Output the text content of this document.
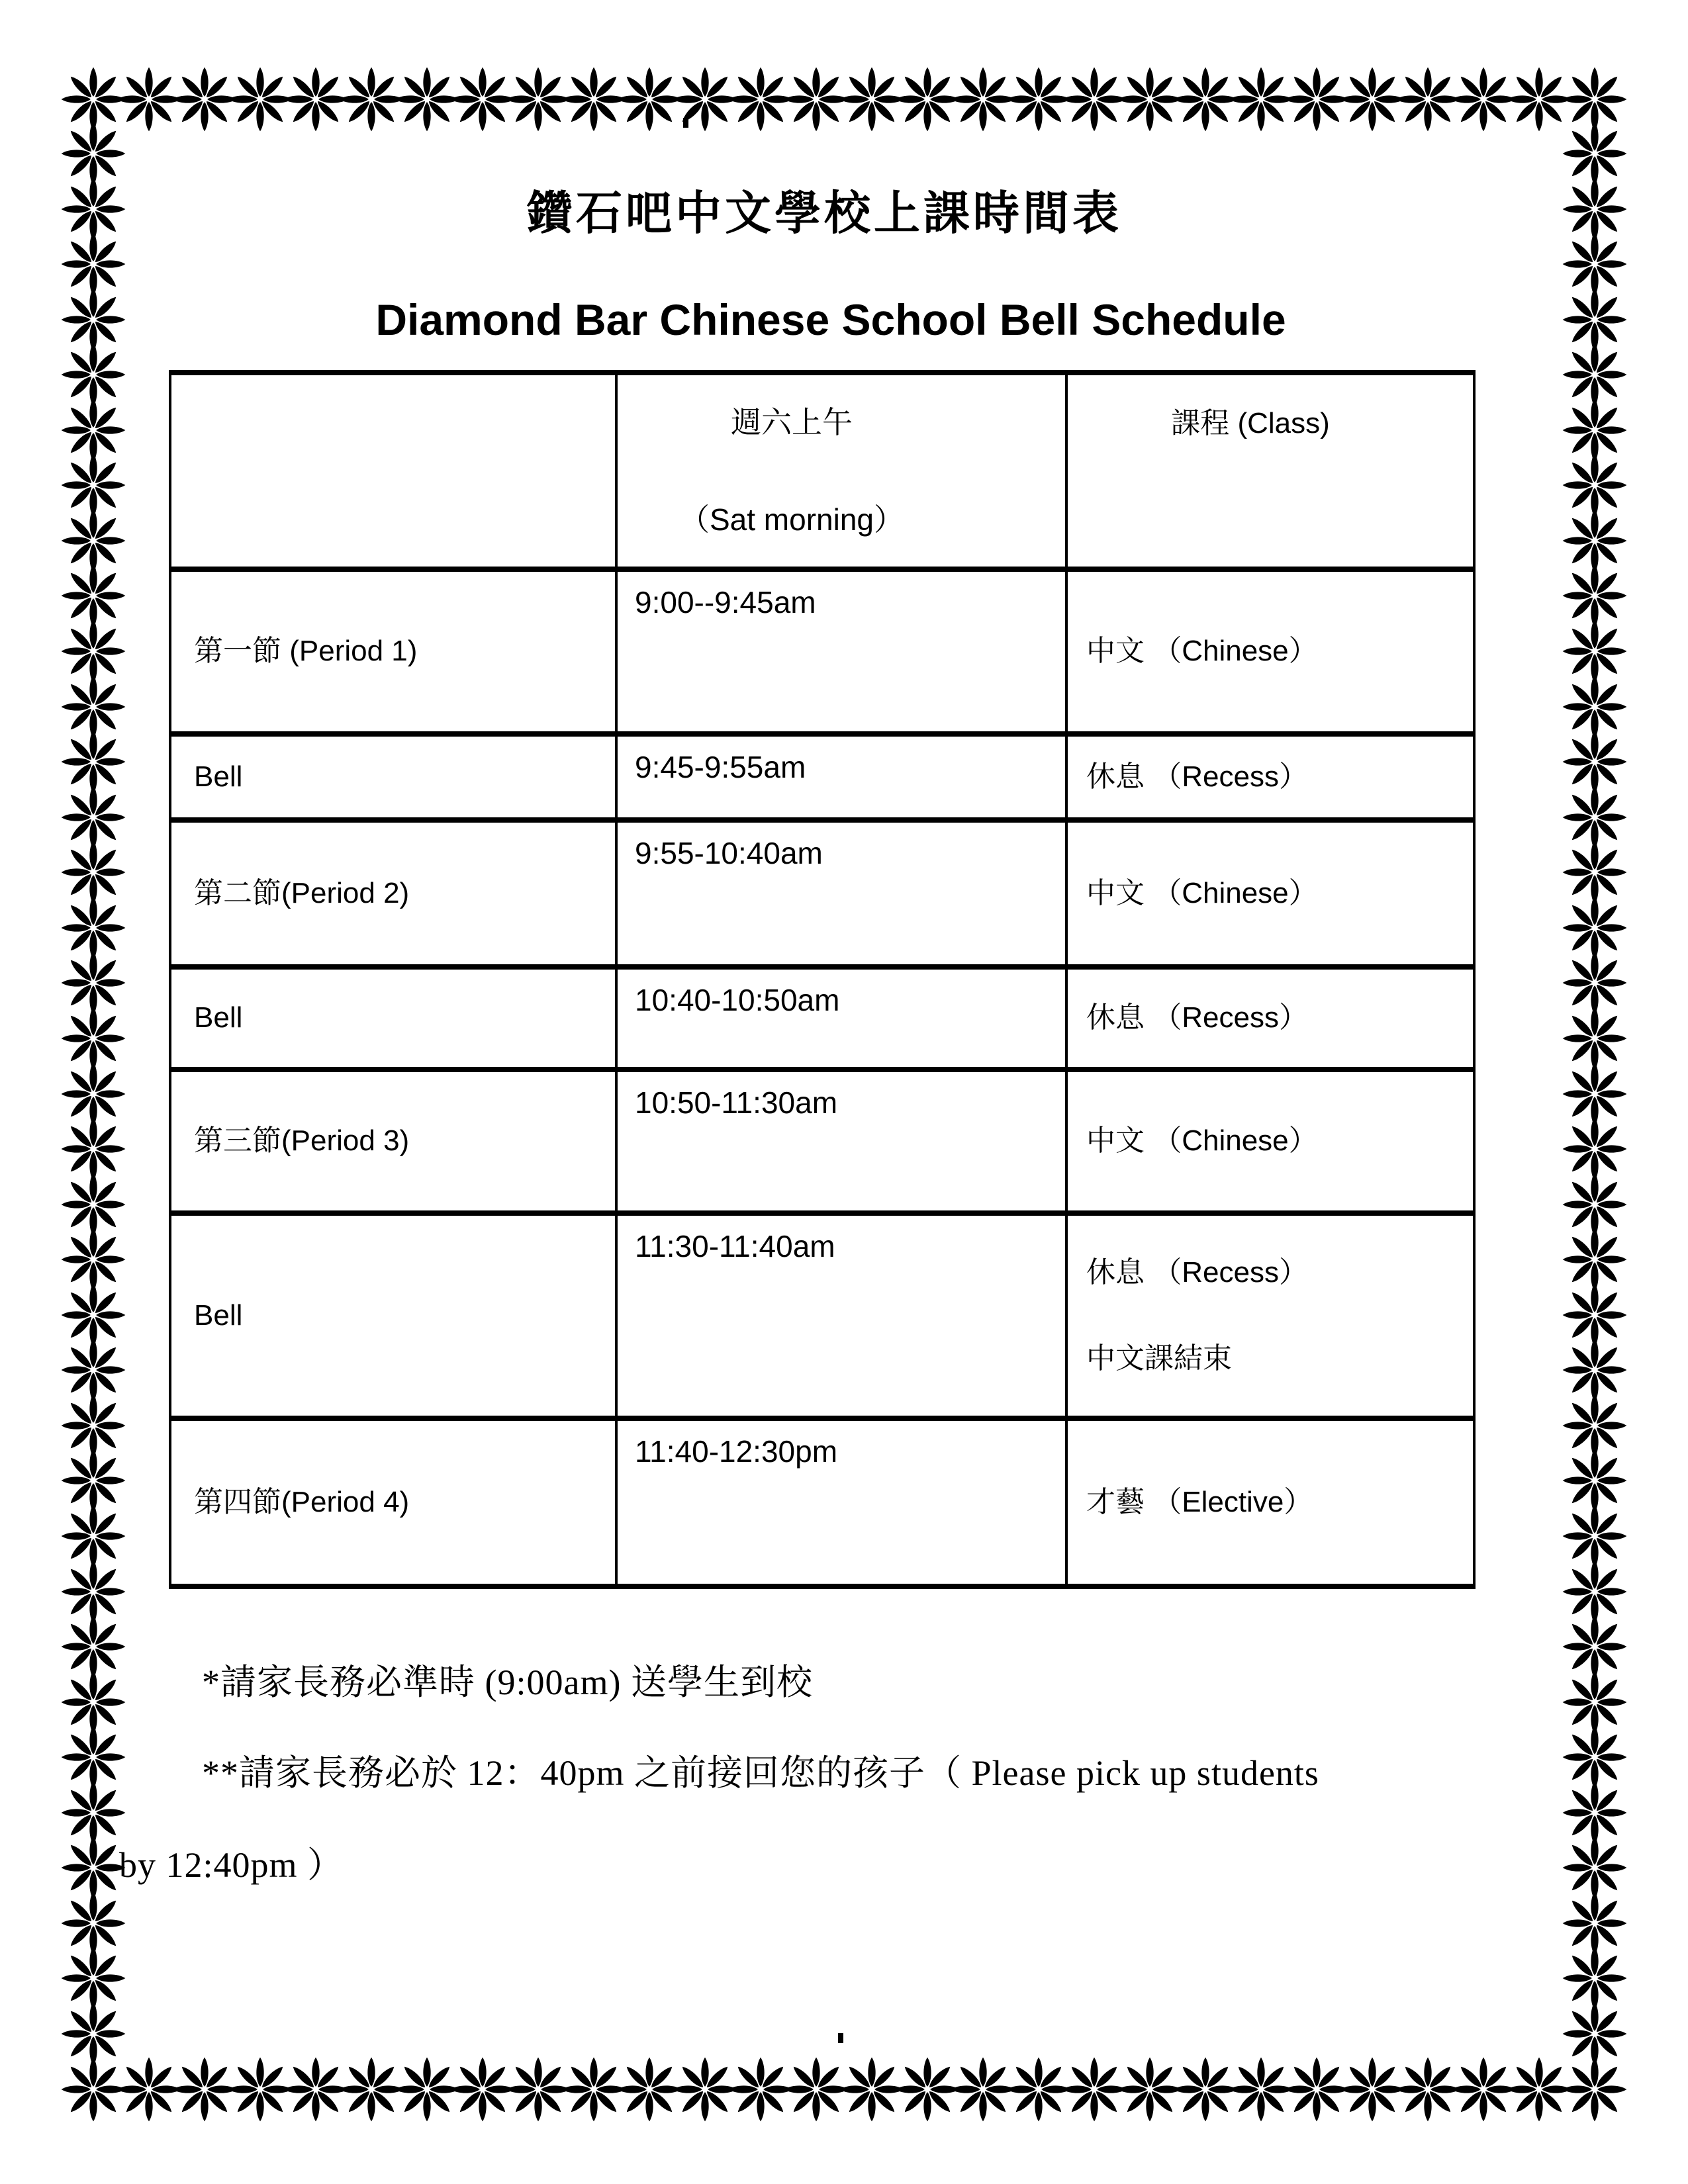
鑽石吧中文學校上課時間表
Diamond Bar Chinese School Bell Schedule
週六上午
（Sat morning）
課程 (Class)
第一節 (Period 1)
9:00--9:45am
中文 （Chinese）
Bell	9:45-9:55am	休息 （Recess）
第二節(Period 2)
9:55-10:40am
中文 （Chinese）
Bell
10:40-10:50am
休息 （Recess）
第三節(Period 3)
10:50-11:30am
中文 （Chinese）
Bell
11:30-11:40am
休息 （Recess）
中文課結束
第四節(Period 4)
11:40-12:30pm
才藝 （Elective）
*請家長務必準時 (9:00am) 送學生到校
**請家長務必於 12：40pm 之前接回您的孩子（ Please pick up students
by 12:40pm ）
